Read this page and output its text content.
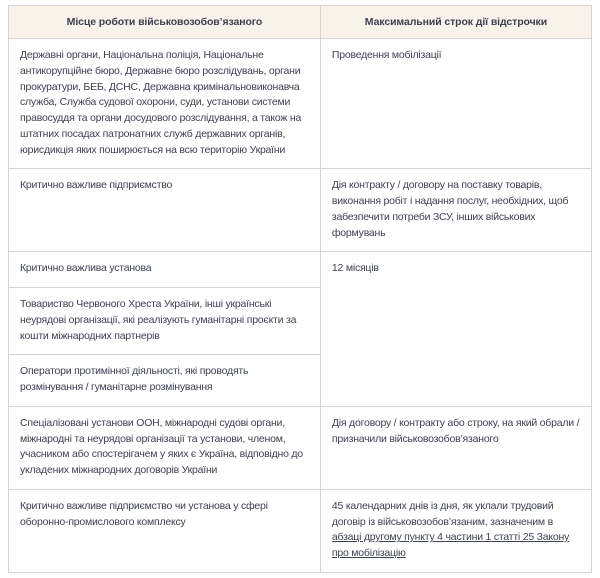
Місце роботи військовозобов’язаного	Максимальний строк дії відстрочки
Державні органи, Національна поліція, Національне антикорупційне бюро, Державне бюро розслідувань, органи прокуратури, БЕБ, ДСНС, Державна кримінальновиконавча служба, Служба судової охорони, суди, установи системи правосуддя та органи досудового розслідування, а також на штатних посадах патронатних служб державних органів, юрисдикція яких поширюється на всю територію України	Проведення мобілізації
Критично важливе підприємство	Дія контракту / договору на поставку товарів, виконання робіт і надання послуг, необхідних, щоб забезпечити потреби ЗСУ, інших військових формувань
Критично важлива установа	12 місяців
Товариство Червоного Хреста України, інші українські неурядові організації, які реалізують гуманітарні проєкти за кошти міжнародних партнерів	
Оператори протимінної діяльності, які проводять розмінування / гуманітарне розмінування	
Спеціалізовані установи ООН, міжнародні судові органи, міжнародні та неурядові організації та установи, членом, учасником або спостерігачем у яких є Україна, відповідно до укладених міжнародних договорів України	Дія договору / контракту або строку, на який обрали / призначили військовозобов’язаного
Критично важливе підприємство чи установа у сфері оборонно-промислового комплексу	45 календарних днів із дня, як уклали трудовий договір із військовозобов’язаним, зазначеним в абзаці другому пункту 4 частини 1 статті 25 Закону про мобілізацію
